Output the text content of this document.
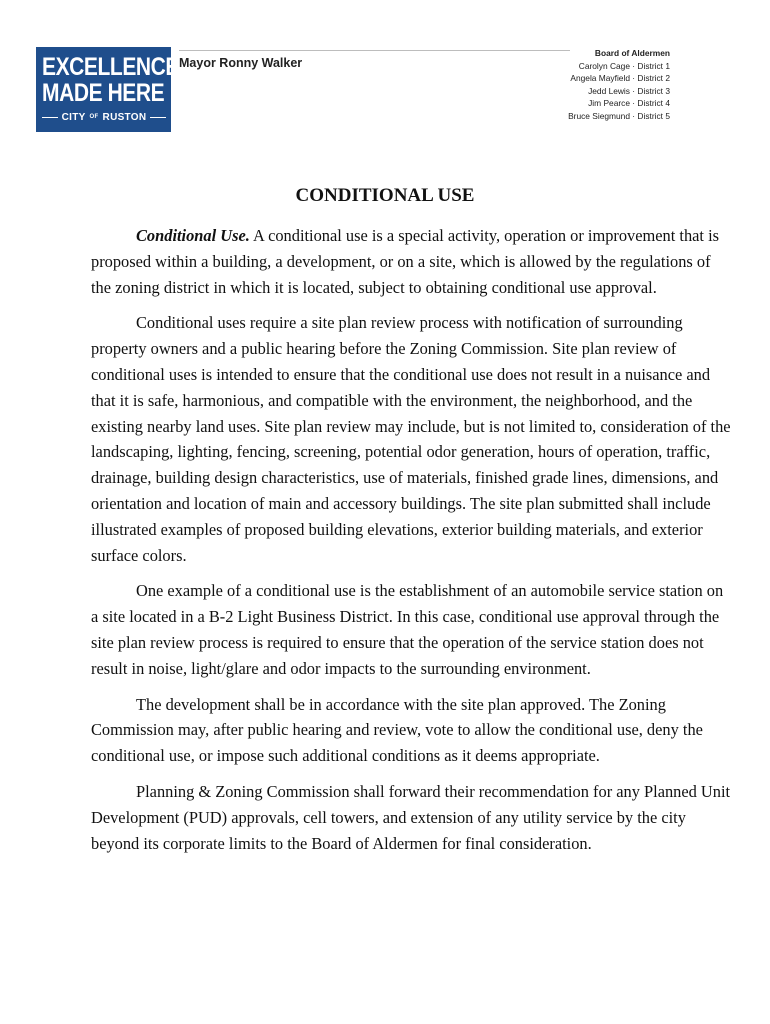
EXCELLENCE
MADE HERE
CITY $^{OF}$ RUSTON
Mayor Ronny Walker
Board of Aldermen
Carolyn Cage · District 1
Angela Mayfield · District 2
Jedd Lewis · District 3
Jim Pearce · District 4
Bruce Siegmund · District 5
CONDITIONAL USE

Conditional Use. A conditional use is a special activity, operation or improvement that is proposed within a building, a development, or on a site, which is allowed by the regulations of the zoning district in which it is located, subject to obtaining conditional use approval.

Conditional uses require a site plan review process with notification of surrounding property owners and a public hearing before the Zoning Commission. Site plan review of conditional uses is intended to ensure that the conditional use does not result in a nuisance and that it is safe, harmonious, and compatible with the environment, the neighborhood, and the existing nearby land uses. Site plan review may include, but is not limited to, consideration of the landscaping, lighting, fencing, screening, potential odor generation, hours of operation, traffic, drainage, building design characteristics, use of materials, finished grade lines, dimensions, and orientation and location of main and accessory buildings. The site plan submitted shall include illustrated examples of proposed building elevations, exterior building materials, and exterior surface colors.

One example of a conditional use is the establishment of an automobile service station on a site located in a B-2 Light Business District. In this case, conditional use approval through the site plan review process is required to ensure that the operation of the service station does not result in noise, light/glare and odor impacts to the surrounding environment.

The development shall be in accordance with the site plan approved. The Zoning Commission may, after public hearing and review, vote to allow the conditional use, deny the conditional use, or impose such additional conditions as it deems appropriate.

Planning & Zoning Commission shall forward their recommendation for any Planned Unit Development (PUD) approvals, cell towers, and extension of any utility service by the city beyond its corporate limits to the Board of Aldermen for final consideration.
